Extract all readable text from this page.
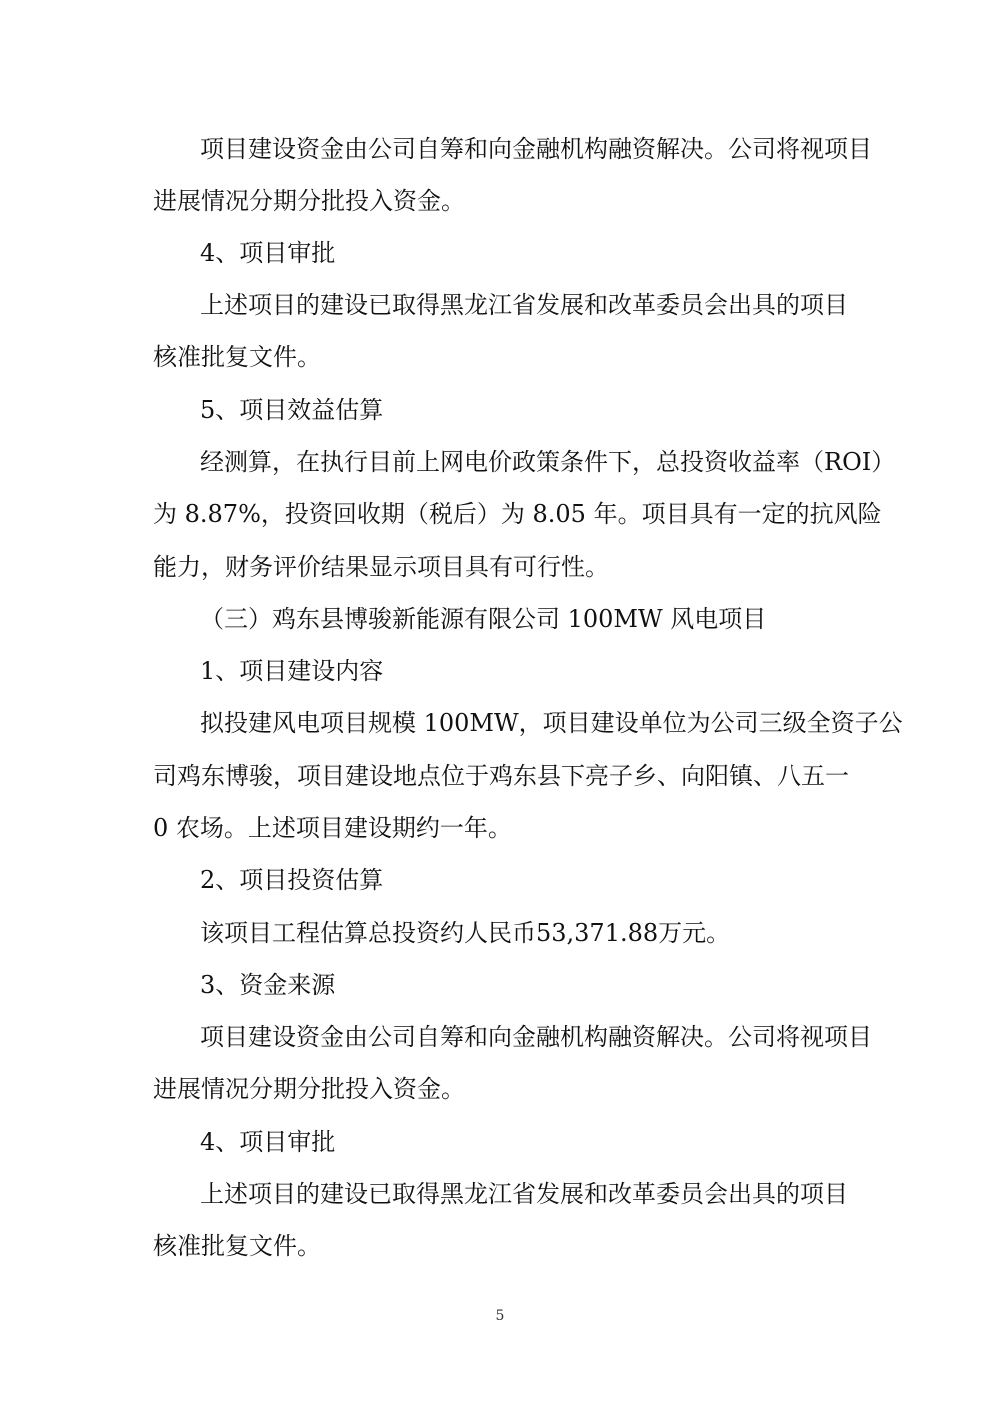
项目建设资金由公司自筹和向金融机构融资解决。公司将视项目
进展情况分期分批投入资金。
4、项目审批
上述项目的建设已取得黑龙江省发展和改革委员会出具的项目
核准批复文件。
5、项目效益估算
经测算，在执行目前上网电价政策条件下，总投资收益率（ROI）
为 8.87%，投资回收期（税后）为 8.05 年。项目具有一定的抗风险
能力，财务评价结果显示项目具有可行性。
（三）鸡东县博骏新能源有限公司 100MW 风电项目
1、项目建设内容
拟投建风电项目规模 100MW，项目建设单位为公司三级全资子公
司鸡东博骏，项目建设地点位于鸡东县下亮子乡、向阳镇、八五一
0 农场。上述项目建设期约一年。
2、项目投资估算
该项目工程估算总投资约人民币53,371.88万元。
3、资金来源
项目建设资金由公司自筹和向金融机构融资解决。公司将视项目
进展情况分期分批投入资金。
4、项目审批
上述项目的建设已取得黑龙江省发展和改革委员会出具的项目
核准批复文件。
5
